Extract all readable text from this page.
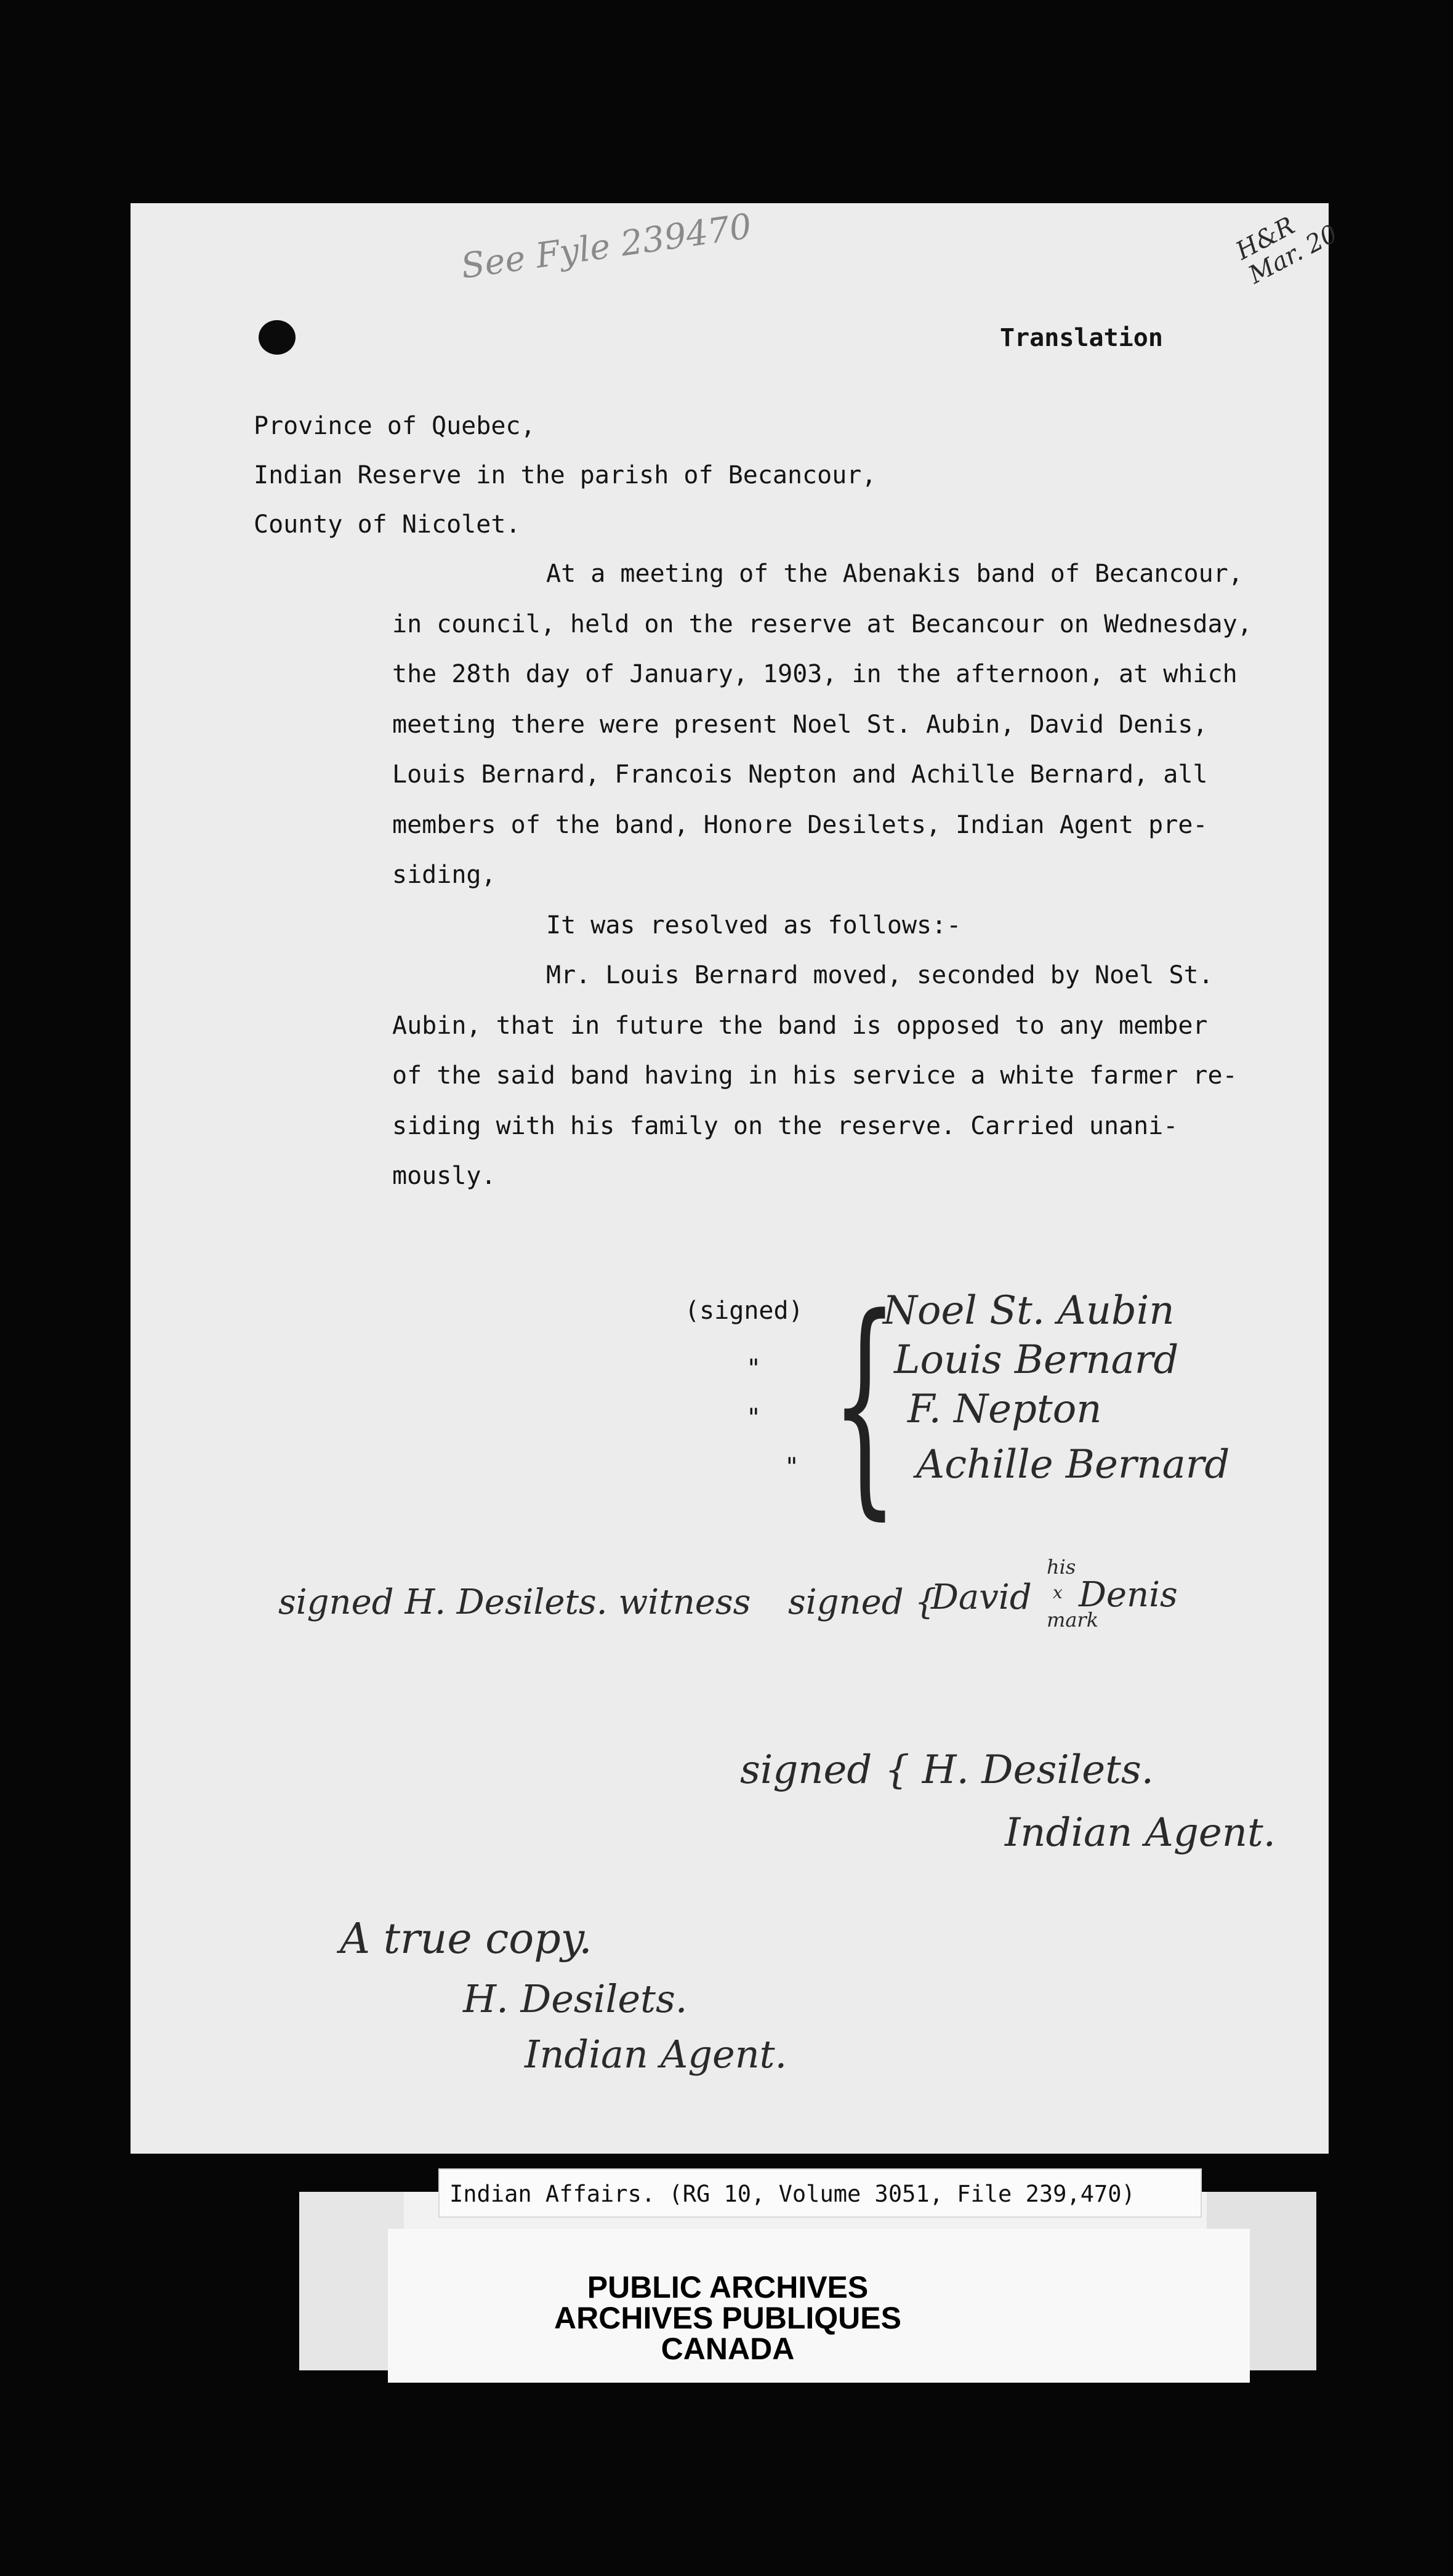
See Fyle 239470	H&R
Mar. 20
Translation
Province of Quebec,
Indian Reserve in the parish of Becancour,
County of Nicolet.
At a meeting of the Abenakis band of Becancour,
in council, held on the reserve at Becancour on Wednesday,
the 28th day of January, 1903, in the afternoon, at which
meeting there were present Noel St. Aubin, David Denis,
Louis Bernard, Francois Nepton and Achille Bernard, all
members of the band, Honore Desilets, Indian Agent pre-
siding,
It was resolved as follows:-
Mr. Louis Bernard moved, seconded by Noel St.
Aubin, that in future the band is opposed to any member
of the said band having in his service a white farmer re-
siding with his family on the reserve. Carried unani-
mously.
(signed)
"
"
" {
Noel St. Aubin
Louis Bernard
F. Nepton
Achille Bernard
signed H. Desilets. witness signed {
David
his
x
mark
Denis
signed { H. Desilets.
Indian Agent.
A true copy.
H. Desilets.
Indian Agent.
Indian Affairs. (RG 10, Volume 3051, File 239,470)
PUBLIC ARCHIVES
ARCHIVES PUBLIQUES
CANADA
